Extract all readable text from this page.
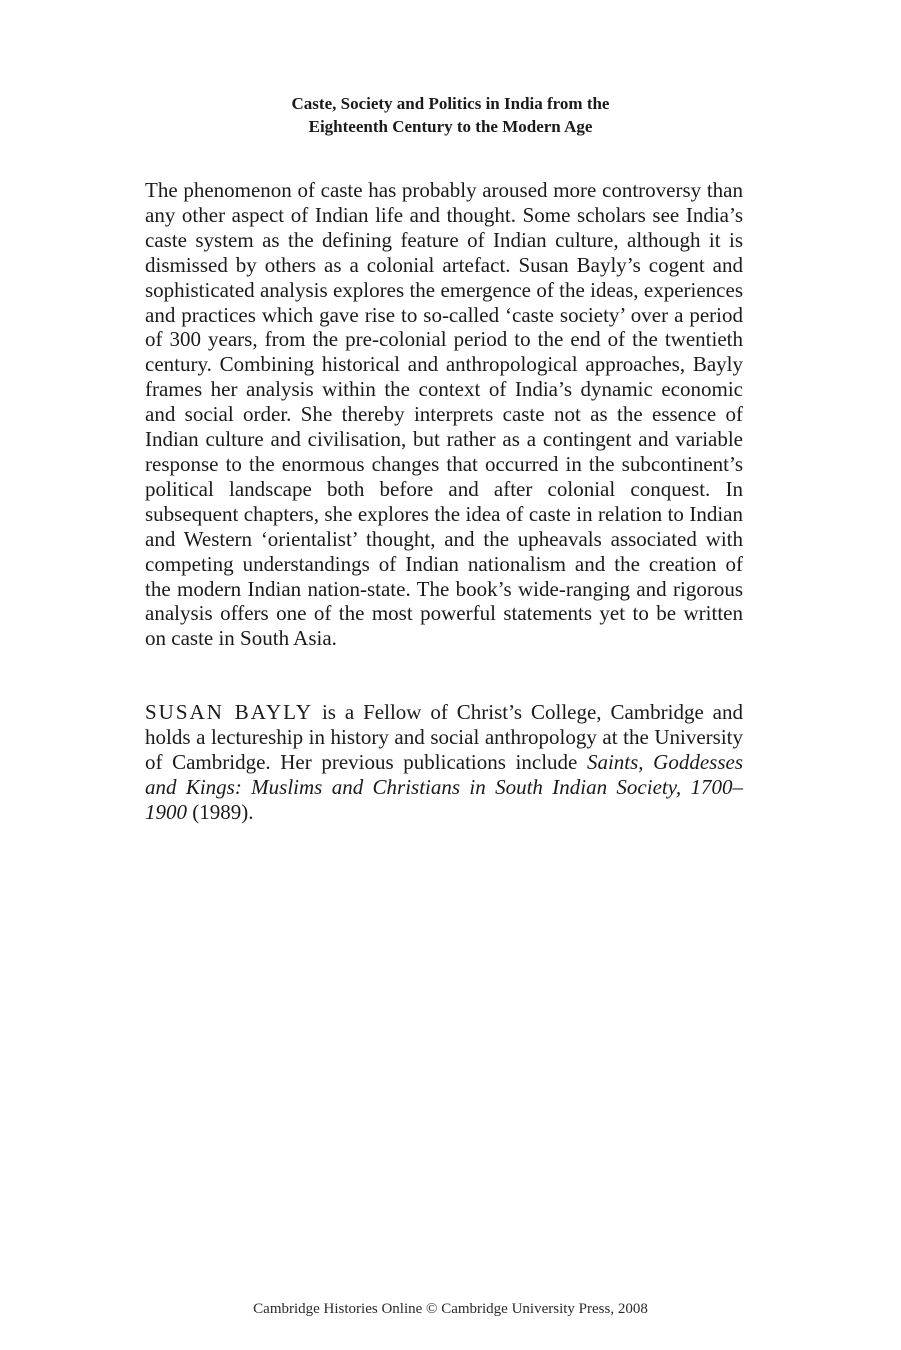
Caste, Society and Politics in India from the
Eighteenth Century to the Modern Age

The phenomenon of caste has probably aroused more controversy than any other aspect of Indian life and thought. Some scholars see India’s caste system as the defining feature of Indian culture, although it is dismissed by others as a colonial artefact. Susan Bayly’s cogent and sophisticated analysis explores the emergence of the ideas, experiences and practices which gave rise to so-called ‘caste society’ over a period of 300 years, from the pre-colonial period to the end of the twentieth century. Combining historical and anthropological approaches, Bayly frames her analysis within the context of India’s dynamic economic and social order. She thereby interprets caste not as the essence of Indian culture and civilisation, but rather as a contingent and variable response to the enormous changes that occurred in the subcontinent’s political landscape both before and after colonial conquest. In subsequent chapters, she explores the idea of caste in relation to Indian and Western ‘orientalist’ thought, and the upheavals associated with competing understandings of Indian nationalism and the creation of the modern Indian nation-state. The book’s wide-ranging and rigorous analysis offers one of the most powerful statements yet to be written on caste in South Asia.

SUSAN BAYLY is a Fellow of Christ’s College, Cambridge and holds a lectureship in history and social anthropology at the University of Cambridge. Her previous publications include Saints, Goddesses and Kings: Muslims and Christians in South Indian Society, 1700–1900 (1989).

Cambridge Histories Online © Cambridge University Press, 2008
